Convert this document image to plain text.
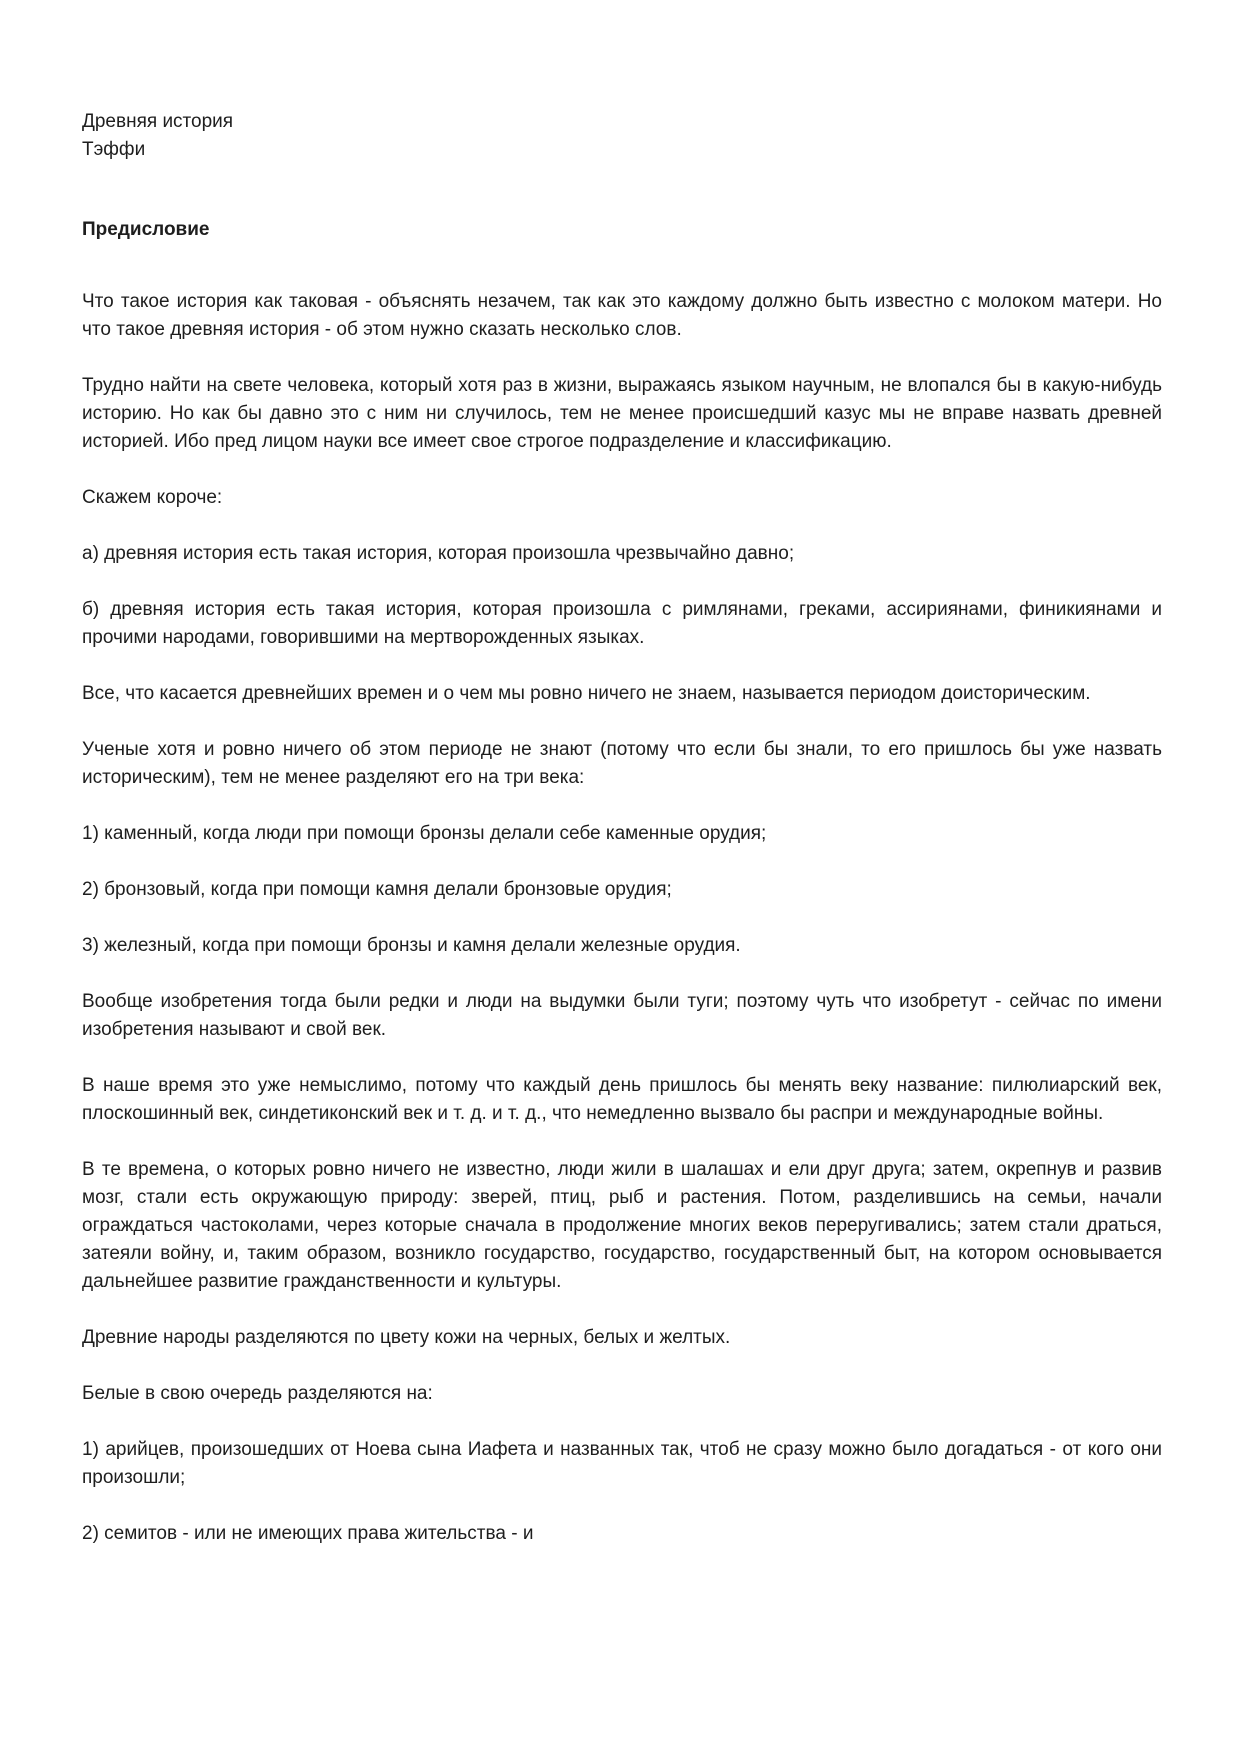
Древняя история

Тэффи

Предисловие

Что такое история как таковая - объяснять незачем, так как это каждому должно быть известно с молоком матери. Но что такое древняя история - об этом нужно сказать несколько слов.

Трудно найти на свете человека, который хотя раз в жизни, выражаясь языком научным, не влопался бы в какую-нибудь историю. Но как бы давно это с ним ни случилось, тем не менее происшедший казус мы не вправе назвать древней историей. Ибо пред лицом науки все имеет свое строгое подразделение и классификацию.

Скажем короче:

а) древняя история есть такая история, которая произошла чрезвычайно давно;

б) древняя история есть такая история, которая произошла с римлянами, греками, ассириянами, финикиянами и прочими народами, говорившими на мертворожденных языках.

Все, что касается древнейших времен и о чем мы ровно ничего не знаем, называется периодом доисторическим.

Ученые хотя и ровно ничего об этом периоде не знают (потому что если бы знали, то его пришлось бы уже назвать историческим), тем не менее разделяют его на три века:

1) каменный, когда люди при помощи бронзы делали себе каменные орудия;

2) бронзовый, когда при помощи камня делали бронзовые орудия;

3) железный, когда при помощи бронзы и камня делали железные орудия.

Вообще изобретения тогда были редки и люди на выдумки были туги; поэтому чуть что изобретут - сейчас по имени изобретения называют и свой век.

В наше время это уже немыслимо, потому что каждый день пришлось бы менять веку название: пилюлиарский век, плоскошинный век, синдетиконский век и т. д. и т. д., что немедленно вызвало бы распри и международные войны.

В те времена, о которых ровно ничего не известно, люди жили в шалашах и ели друг друга; затем, окрепнув и развив мозг, стали есть окружающую природу: зверей, птиц, рыб и растения. Потом, разделившись на семьи, начали ограждаться частоколами, через которые сначала в продолжение многих веков переругивались; затем стали драться, затеяли войну, и, таким образом, возникло государство, государство, государственный быт, на котором основывается дальнейшее развитие гражданственности и культуры.

Древние народы разделяются по цвету кожи на черных, белых и желтых.

Белые в свою очередь разделяются на:

1) арийцев, произошедших от Ноева сына Иафета и названных так, чтоб не сразу можно было догадаться - от кого они произошли;

2) семитов - или не имеющих права жительства - и
